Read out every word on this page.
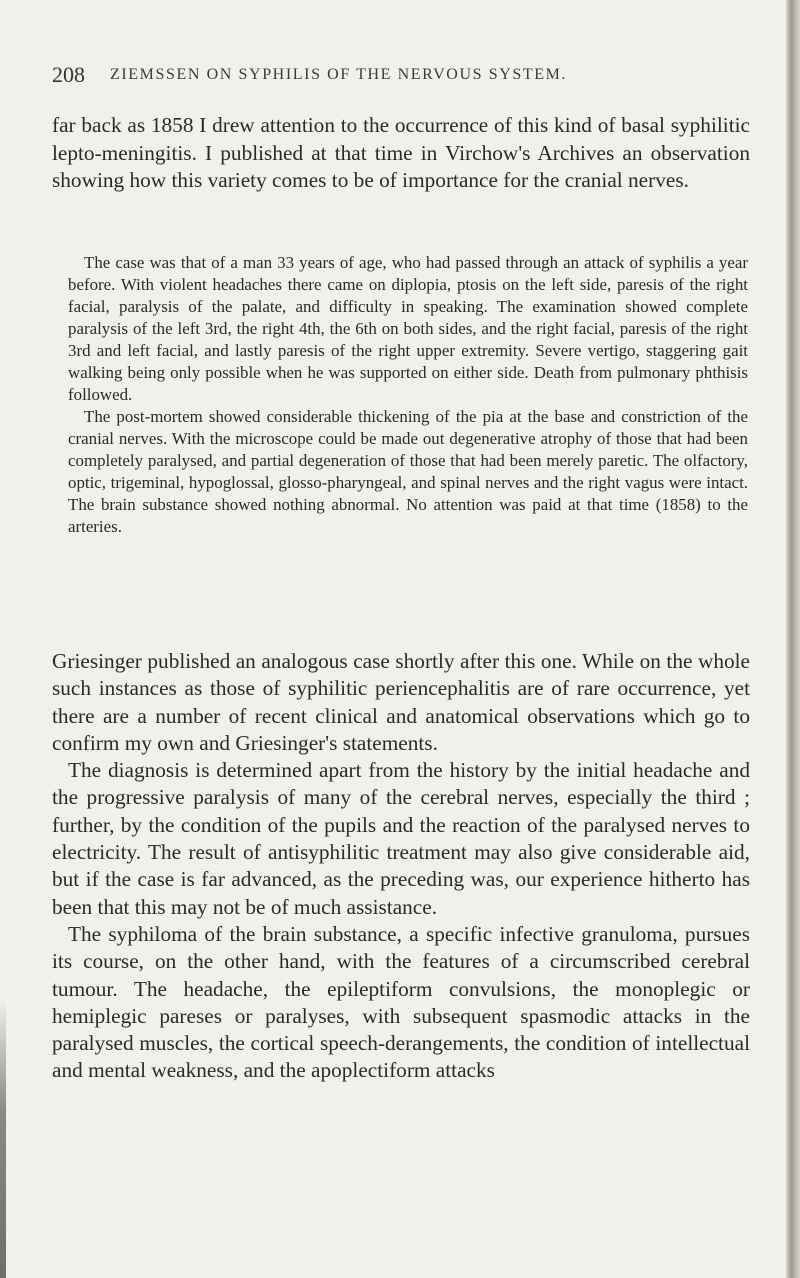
208 ZIEMSSEN ON SYPHILIS OF THE NERVOUS SYSTEM.

far back as 1858 I drew attention to the occurrence of this kind of basal syphilitic lepto-meningitis. I published at that time in Virchow's Archives an observation showing how this variety comes to be of importance for the cranial nerves.

The case was that of a man 33 years of age, who had passed through an attack of syphilis a year before. With violent headaches there came on diplopia, ptosis on the left side, paresis of the right facial, paralysis of the palate, and difficulty in speaking. The examination showed complete paralysis of the left 3rd, the right 4th, the 6th on both sides, and the right facial, paresis of the right 3rd and left facial, and lastly paresis of the right upper extremity. Severe vertigo, staggering gait walking being only possible when he was supported on either side. Death from pulmonary phthisis followed.

The post-mortem showed considerable thickening of the pia at the base and constriction of the cranial nerves. With the microscope could be made out degenerative atrophy of those that had been completely paralysed, and partial degeneration of those that had been merely paretic. The olfactory, optic, trigeminal, hypoglossal, glosso-pharyngeal, and spinal nerves and the right vagus were intact. The brain substance showed nothing abnormal. No attention was paid at that time (1858) to the arteries.

Griesinger published an analogous case shortly after this one. While on the whole such instances as those of syphilitic periencephalitis are of rare occurrence, yet there are a number of recent clinical and anatomical observations which go to confirm my own and Griesinger's statements.

The diagnosis is determined apart from the history by the initial headache and the progressive paralysis of many of the cerebral nerves, especially the third ; further, by the condition of the pupils and the reaction of the paralysed nerves to electricity. The result of antisyphilitic treatment may also give considerable aid, but if the case is far advanced, as the preceding was, our experience hitherto has been that this may not be of much assistance.

The syphiloma of the brain substance, a specific infective granuloma, pursues its course, on the other hand, with the features of a circumscribed cerebral tumour. The headache, the epileptiform convulsions, the monoplegic or hemiplegic pareses or paralyses, with subsequent spasmodic attacks in the paralysed muscles, the cortical speech-derangements, the condition of intellectual and mental weakness, and the apoplectiform attacks
